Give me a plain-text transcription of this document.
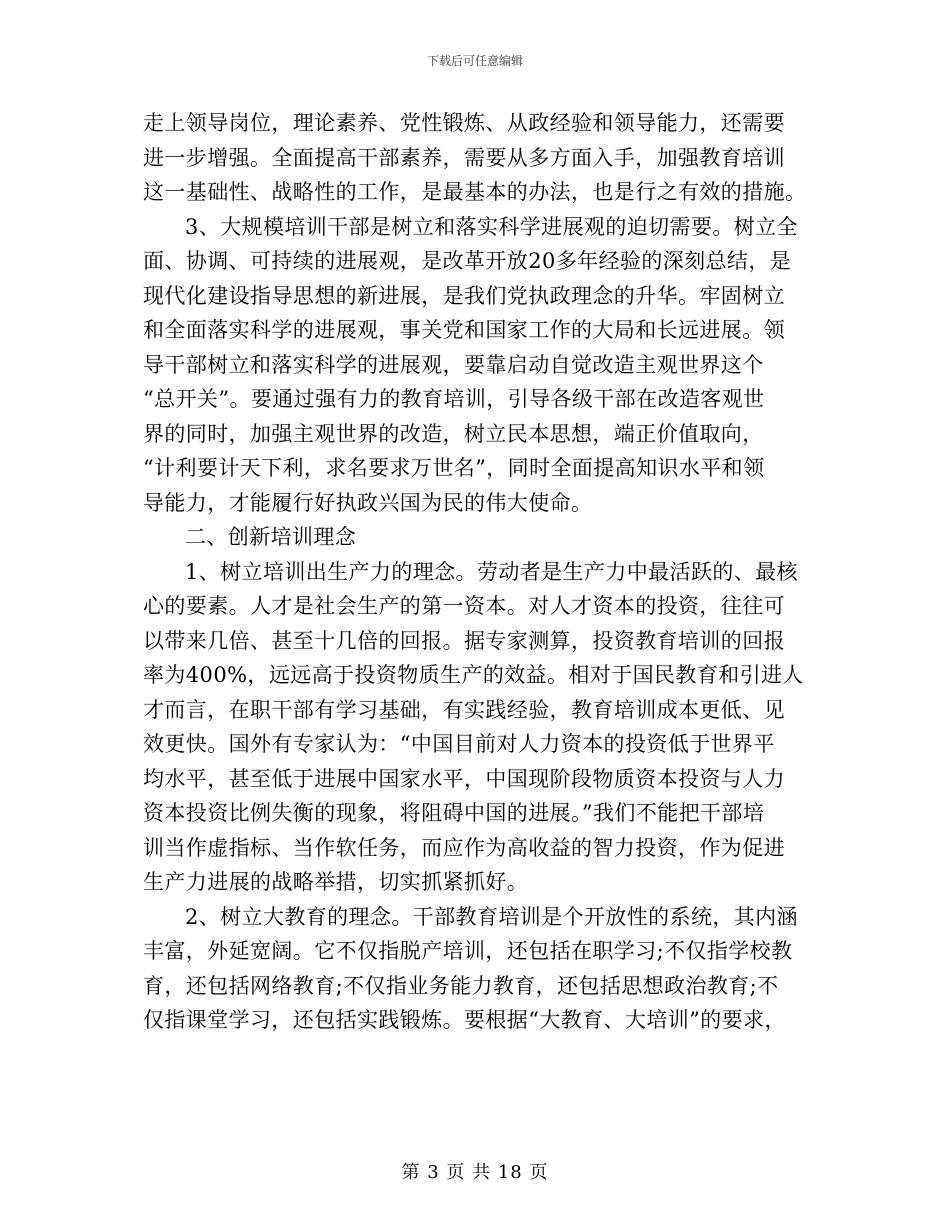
下载后可任意编辑
走上领导岗位，理论素养、党性锻炼、从政经验和领导能力，还需要
进一步增强。全面提高干部素养，需要从多方面入手，加强教育培训
这一基础性、战略性的工作，是最基本的办法，也是行之有效的措施。
3、大规模培训干部是树立和落实科学进展观的迫切需要。树立全
面、协调、可持续的进展观，是改革开放20多年经验的深刻总结，是
现代化建设指导思想的新进展，是我们党执政理念的升华。牢固树立
和全面落实科学的进展观，事关党和国家工作的大局和长远进展。领
导干部树立和落实科学的进展观，要靠启动自觉改造主观世界这个
“总开关”。要通过强有力的教育培训，引导各级干部在改造客观世
界的同时，加强主观世界的改造，树立民本思想，端正价值取向，
“计利要计天下利，求名要求万世名”，同时全面提高知识水平和领
导能力，才能履行好执政兴国为民的伟大使命。
二、创新培训理念
1、树立培训出生产力的理念。劳动者是生产力中最活跃的、最核
心的要素。人才是社会生产的第一资本。对人才资本的投资，往往可
以带来几倍、甚至十几倍的回报。据专家测算，投资教育培训的回报
率为400%，远远高于投资物质生产的效益。相对于国民教育和引进人
才而言，在职干部有学习基础，有实践经验，教育培训成本更低、见
效更快。国外有专家认为：“中国目前对人力资本的投资低于世界平
均水平，甚至低于进展中国家水平，中国现阶段物质资本投资与人力
资本投资比例失衡的现象，将阻碍中国的进展。”我们不能把干部培
训当作虚指标、当作软任务，而应作为高收益的智力投资，作为促进
生产力进展的战略举措，切实抓紧抓好。
2、树立大教育的理念。干部教育培训是个开放性的系统，其内涵
丰富，外延宽阔。它不仅指脱产培训，还包括在职学习;不仅指学校教
育，还包括网络教育;不仅指业务能力教育，还包括思想政治教育;不
仅指课堂学习，还包括实践锻炼。要根据“大教育、大培训”的要求，
第 3 页 共 18 页
